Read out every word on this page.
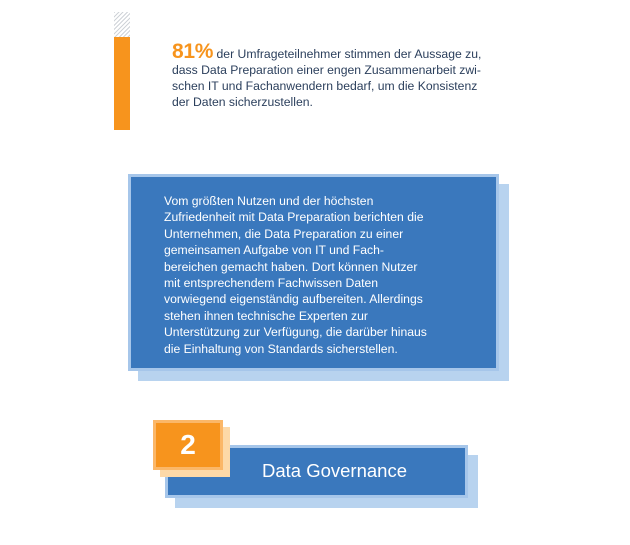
81% der Umfrageteilnehmer stimmen der Aussage zu,
dass Data Preparation einer engen Zusammenarbeit zwi-
schen IT und Fachanwendern bedarf, um die Konsistenz
der Daten sicherzustellen.
Vom größten Nutzen und der höchsten
Zufriedenheit mit Data Preparation berichten die
Unternehmen, die Data Preparation zu einer
gemeinsamen Aufgabe von IT und Fach-
bereichen gemacht haben. Dort können Nutzer
mit entsprechendem Fachwissen Daten
vorwiegend eigenständig aufbereiten. Allerdings
stehen ihnen technische Experten zur
Unterstützung zur Verfügung, die darüber hinaus
die Einhaltung von Standards sicherstellen.
Data Governance
2
